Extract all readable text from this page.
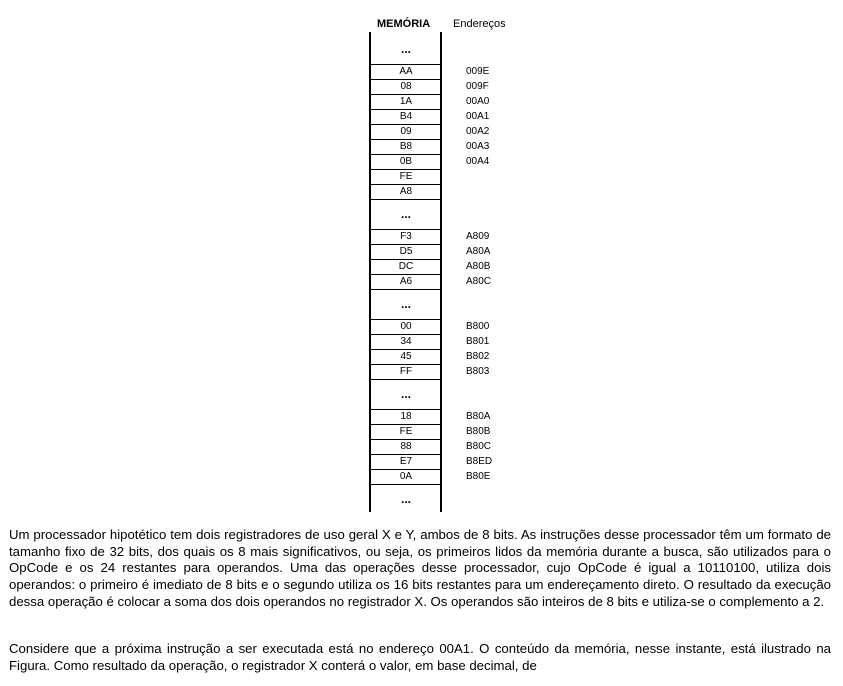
MEMÓRIA Endereços
...
AA	009E
08	009F
1A	00A0
B4	00A1
09	00A2
B8	00A3
0B	00A4
FE
A8
...
F3	A809
D5	A80A
DC	A80B
A6	A80C
...
00	B800
34	B801
45	B802
FF	B803
...
18	B80A
FE	B80B
88	B80C
E7	B8ED
0A	B80E
...
Um processador hipotético tem dois registradores de uso geral X e Y, ambos de 8 bits. As instruções desse processador têm um formato de tamanho fixo de 32 bits, dos quais os 8 mais significativos, ou seja, os primeiros lidos da memória durante a busca, são utilizados para o OpCode e os 24 restantes para operandos. Uma das operações desse processador, cujo OpCode é igual a 10110100, utiliza dois operandos: o primeiro é imediato de 8 bits e o segundo utiliza os 16 bits restantes para um endereçamento direto. O resultado da execução dessa operação é colocar a soma dos dois operandos no registrador X. Os operandos são inteiros de 8 bits e utiliza-se o complemento a 2.
Considere que a próxima instrução a ser executada está no endereço 00A1. O conteúdo da memória, nesse instante, está ilustrado na Figura. Como resultado da operação, o registrador X conterá o valor, em base decimal, de
